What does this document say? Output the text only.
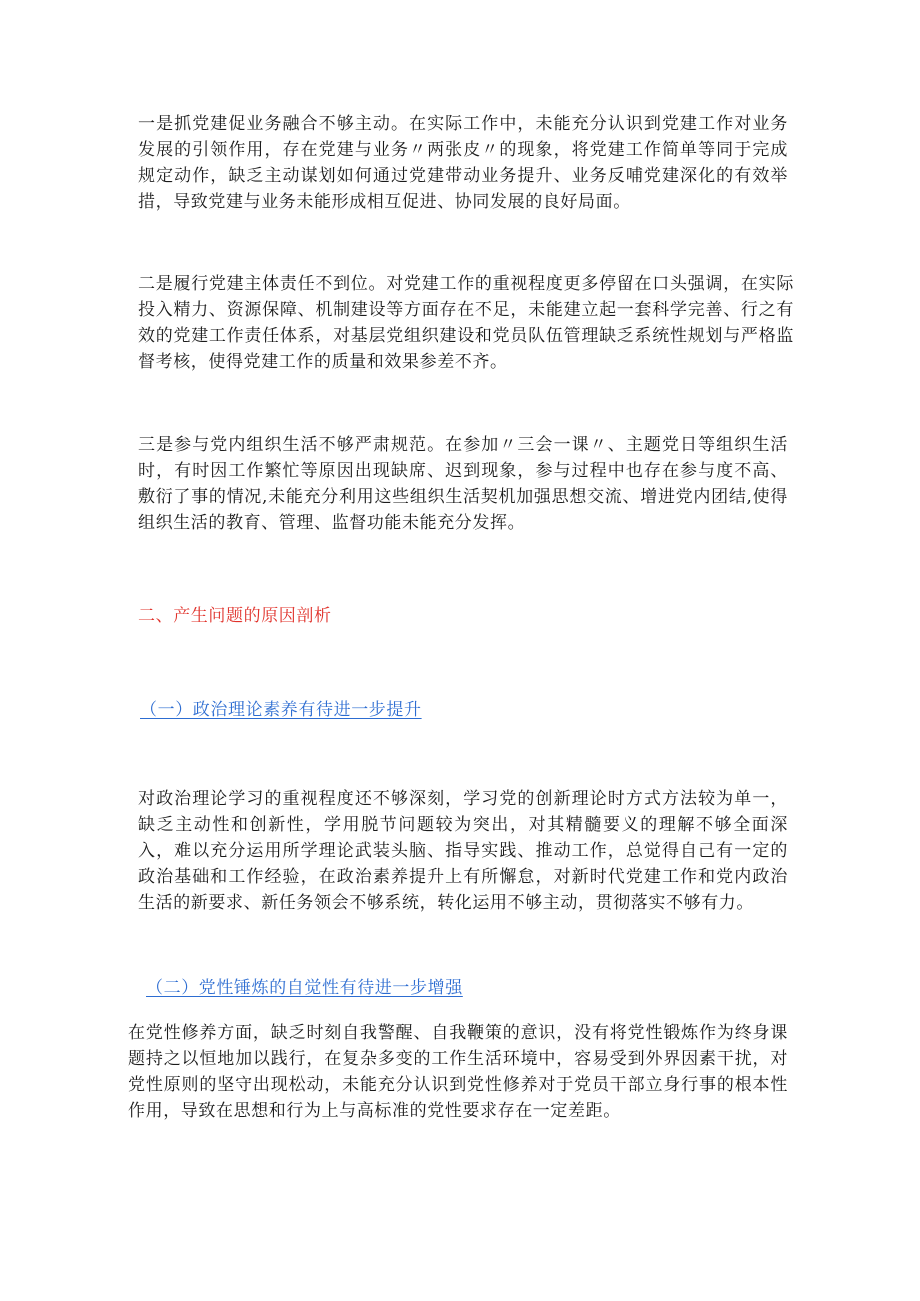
一是抓党建促业务融合不够主动。在实际工作中，未能充分认识到党建工作对业务发展的引领作用，存在党建与业务〃两张皮〃的现象，将党建工作简单等同于完成规定动作，缺乏主动谋划如何通过党建带动业务提升、业务反哺党建深化的有效举措，导致党建与业务未能形成相互促进、协同发展的良好局面。

二是履行党建主体责任不到位。对党建工作的重视程度更多停留在口头强调，在实际投入精力、资源保障、机制建设等方面存在不足，未能建立起一套科学完善、行之有效的党建工作责任体系，对基层党组织建设和党员队伍管理缺乏系统性规划与严格监督考核，使得党建工作的质量和效果参差不齐。

三是参与党内组织生活不够严肃规范。在参加〃三会一课〃、主题党日等组织生活时，有时因工作繁忙等原因出现缺席、迟到现象，参与过程中也存在参与度不高、敷衍了事的情况,未能充分利用这些组织生活契机加强思想交流、增进党内团结,使得组织生活的教育、管理、监督功能未能充分发挥。

二、产生问题的原因剖析

（一）政治理论素养有待进一步提升

对政治理论学习的重视程度还不够深刻，学习党的创新理论时方式方法较为单一，缺乏主动性和创新性，学用脱节问题较为突出，对其精髓要义的理解不够全面深入，难以充分运用所学理论武装头脑、指导实践、推动工作，总觉得自己有一定的政治基础和工作经验，在政治素养提升上有所懈怠，对新时代党建工作和党内政治生活的新要求、新任务领会不够系统，转化运用不够主动，贯彻落实不够有力。

（二）党性锤炼的自觉性有待进一步增强

在党性修养方面，缺乏时刻自我警醒、自我鞭策的意识，没有将党性锻炼作为终身课题持之以恒地加以践行，在复杂多变的工作生活环境中，容易受到外界因素干扰，对党性原则的坚守出现松动，未能充分认识到党性修养对于党员干部立身行事的根本性作用，导致在思想和行为上与高标准的党性要求存在一定差距。
